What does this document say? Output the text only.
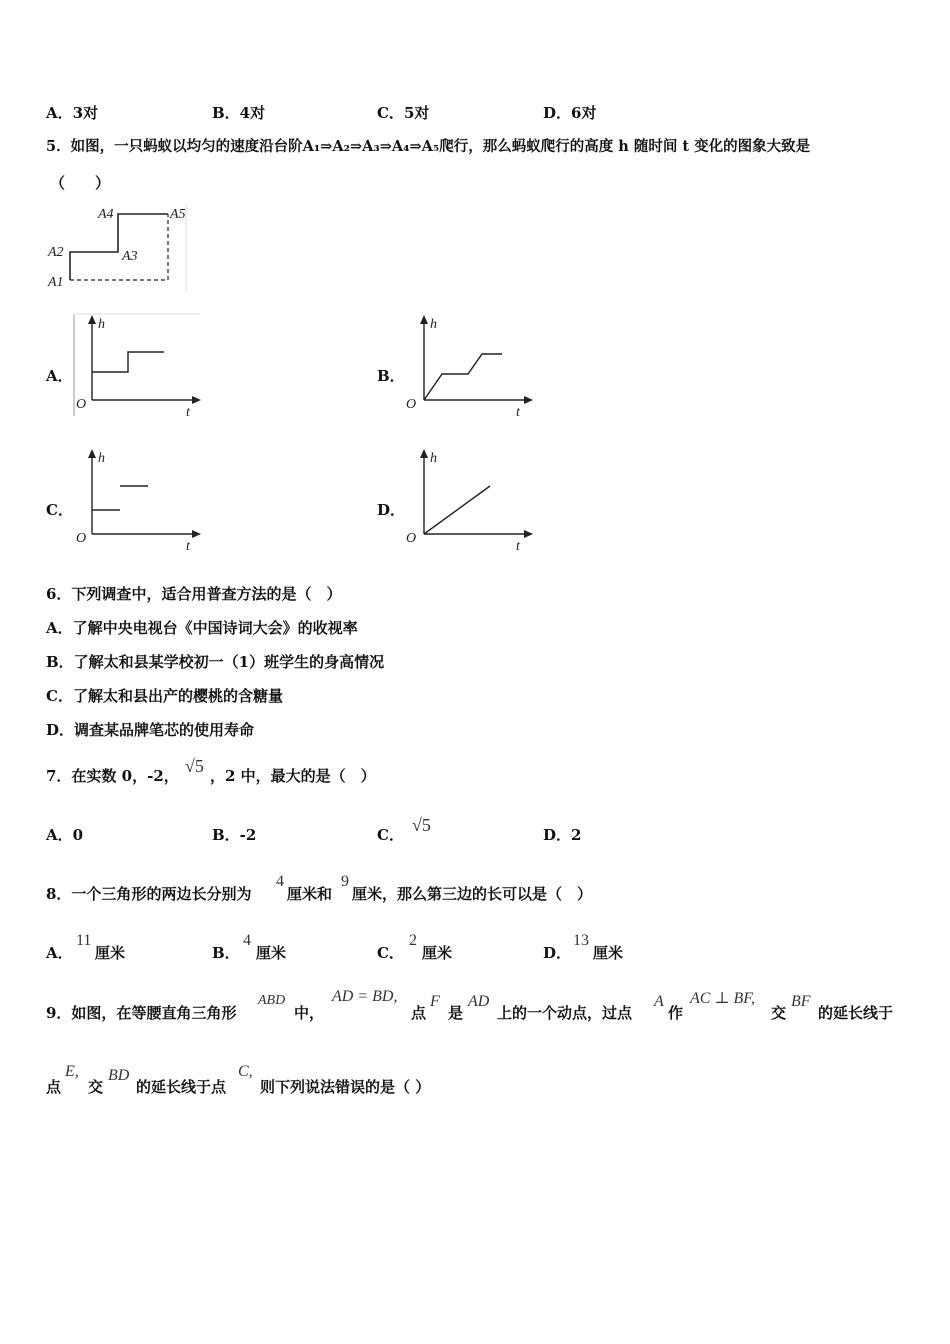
A．3对	B．4对	C．5对	D．6对
5．如图，一只蚂蚁以均匀的速度沿台阶A₁⇒A₂⇒A₃⇒A₄⇒A₅爬行，那么蚂蚁爬行的高度 h 随时间 t 变化的图象大致是
（　　）
A1
A2	A3
A4	A5
A．	B．
C．	D．
h
O
t
h
O
t
h
O
t
h
O
t
6．下列调查中，适合用普查方法的是（　）
A．了解中央电视台《中国诗词大会》的收视率
B．了解太和县某学校初一（1）班学生的身高情况
C．了解太和县出产的樱桃的含糖量
D．调查某品牌笔芯的使用寿命
7．在实数 0，-2， √5 ，2 中，最大的是（　）
A．0	B．-2	C． √5	D．2
8．一个三角形的两边长分别为
4
厘米和
9
厘米，那么第三边的长可以是（　）
A．
11
厘米	B．
4
厘米	C．
2
厘米	D．
13
厘米
9．如图，在等腰直角三角形
ABD
中，
AD = BD,
点
F
是
AD
上的一个动点，过点
A
作
AC ⊥ BF,
交
BF
的延长线于
点
E,
交
BD
的延长线于点
C,
则下列说法错误的是（ ）
